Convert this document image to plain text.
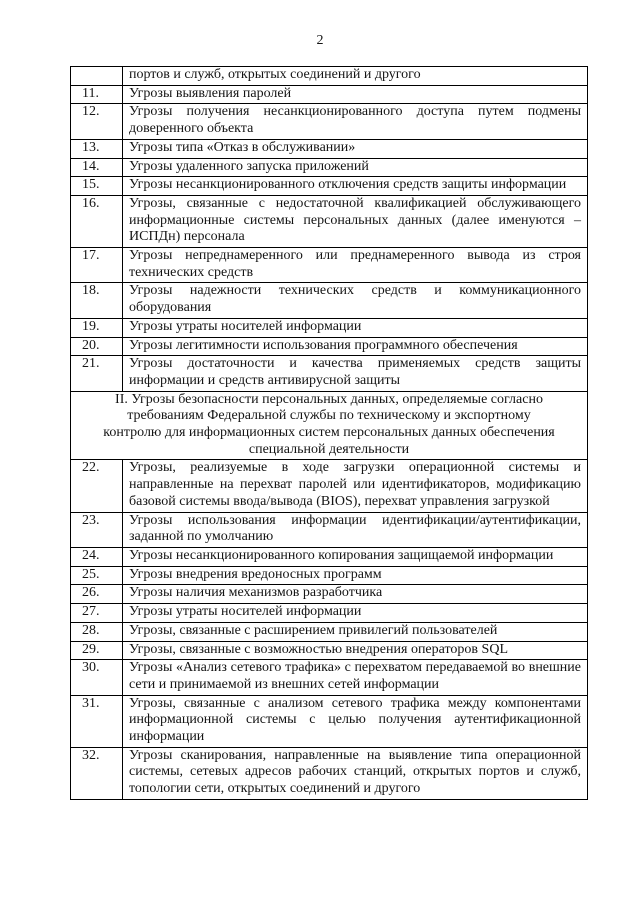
2
	портов и служб, открытых соединений и другого
11.	Угрозы выявления паролей
12.	Угрозы получения несанкционированного доступа путем подмены доверенного объекта
13.	Угрозы типа «Отказ в обслуживании»
14.	Угрозы удаленного запуска приложений
15.	Угрозы несанкционированного отключения средств защиты информации
16.	Угрозы, связанные с недостаточной квалификацией обслуживающего информационные системы персональных данных (далее именуются – ИСПДн) персонала
17.	Угрозы непреднамеренного или преднамеренного вывода из строя технических средств
18.	Угрозы надежности технических средств и коммуникационного оборудования
19.	Угрозы утраты носителей информации
20.	Угрозы легитимности использования программного обеспечения
21.	Угрозы достаточности и качества применяемых средств защиты информации и средств антивирусной защиты
II. Угрозы безопасности персональных данных, определяемые согласно требованиям Федеральной службы по техническому и экспортному контролю для информационных систем персональных данных обеспечения специальной деятельности	
22.	Угрозы, реализуемые в ходе загрузки операционной системы и направленные на перехват паролей или идентификаторов, модификацию базовой системы ввода/вывода (BIOS), перехват управления загрузкой
23.	Угрозы использования информации идентификации/аутентификации, заданной по умолчанию
24.	Угрозы несанкционированного копирования защищаемой информации
25.	Угрозы внедрения вредоносных программ
26.	Угрозы наличия механизмов разработчика
27.	Угрозы утраты носителей информации
28.	Угрозы, связанные с расширением привилегий пользователей
29.	Угрозы, связанные с возможностью внедрения операторов SQL
30.	Угрозы «Анализ сетевого трафика» с перехватом передаваемой во внешние сети и принимаемой из внешних сетей информации
31.	Угрозы, связанные с анализом сетевого трафика между компонентами информационной системы с целью получения аутентификационной информации
32.	Угрозы сканирования, направленные на выявление типа операционной системы, сетевых адресов рабочих станций, открытых портов и служб, топологии сети, открытых соединений и другого
